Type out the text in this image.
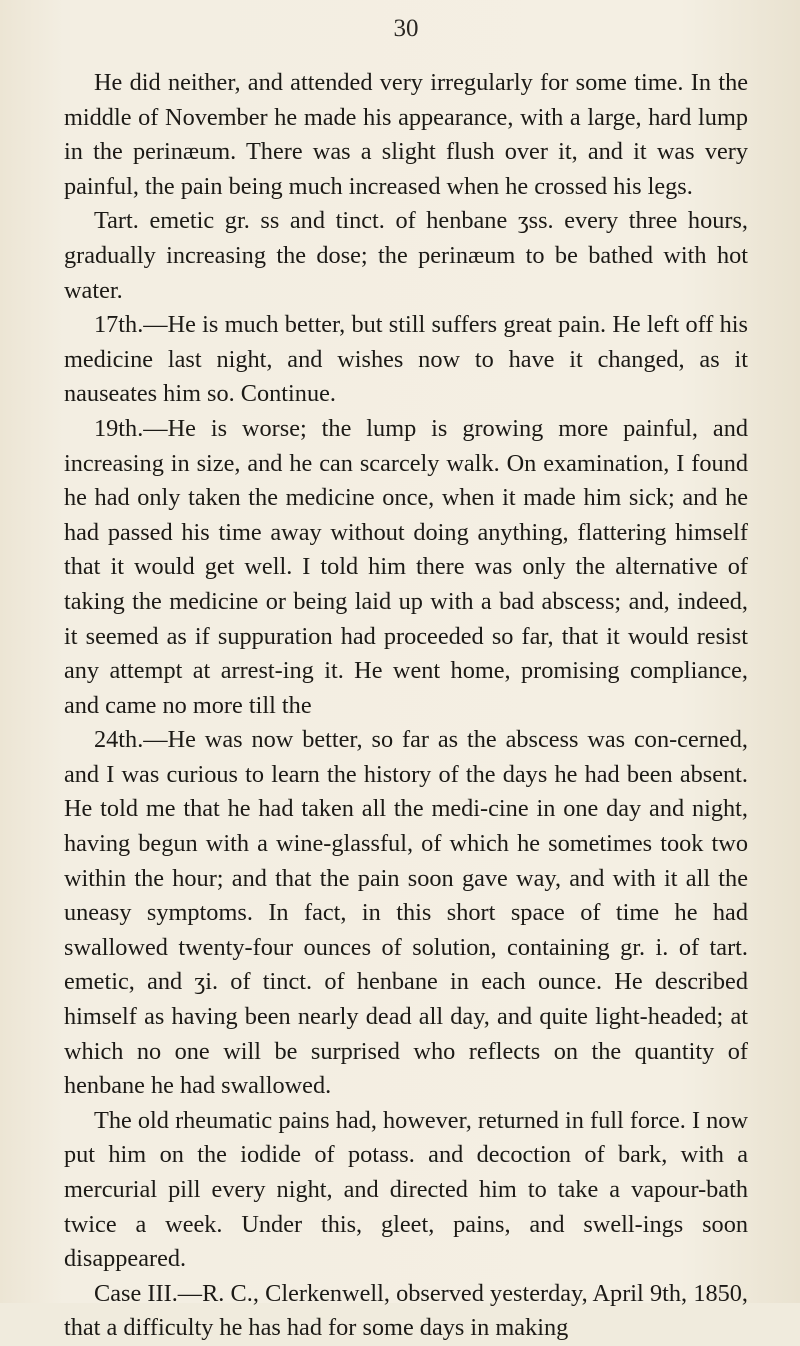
30

He did neither, and attended very irregularly for some time. In the middle of November he made his appearance, with a large, hard lump in the perinæum. There was a slight flush over it, and it was very painful, the pain being much increased when he crossed his legs.

Tart. emetic gr. ss and tinct. of henbane ʒss. every three hours, gradually increasing the dose; the perinæum to be bathed with hot water.

17th.—He is much better, but still suffers great pain. He left off his medicine last night, and wishes now to have it changed, as it nauseates him so. Continue.

19th.—He is worse; the lump is growing more painful, and increasing in size, and he can scarcely walk. On examination, I found he had only taken the medicine once, when it made him sick; and he had passed his time away without doing anything, flattering himself that it would get well. I told him there was only the alternative of taking the medicine or being laid up with a bad abscess; and, indeed, it seemed as if suppuration had proceeded so far, that it would resist any attempt at arrest-ing it. He went home, promising compliance, and came no more till the

24th.—He was now better, so far as the abscess was con-cerned, and I was curious to learn the history of the days he had been absent. He told me that he had taken all the medi-cine in one day and night, having begun with a wine-glassful, of which he sometimes took two within the hour; and that the pain soon gave way, and with it all the uneasy symptoms. In fact, in this short space of time he had swallowed twenty-four ounces of solution, containing gr. i. of tart. emetic, and ʒi. of tinct. of henbane in each ounce. He described himself as having been nearly dead all day, and quite light-headed; at which no one will be surprised who reflects on the quantity of henbane he had swallowed.

The old rheumatic pains had, however, returned in full force. I now put him on the iodide of potass. and decoction of bark, with a mercurial pill every night, and directed him to take a vapour-bath twice a week. Under this, gleet, pains, and swell-ings soon disappeared.

Case III.—R. C., Clerkenwell, observed yesterday, April 9th, 1850, that a difficulty he has had for some days in making
